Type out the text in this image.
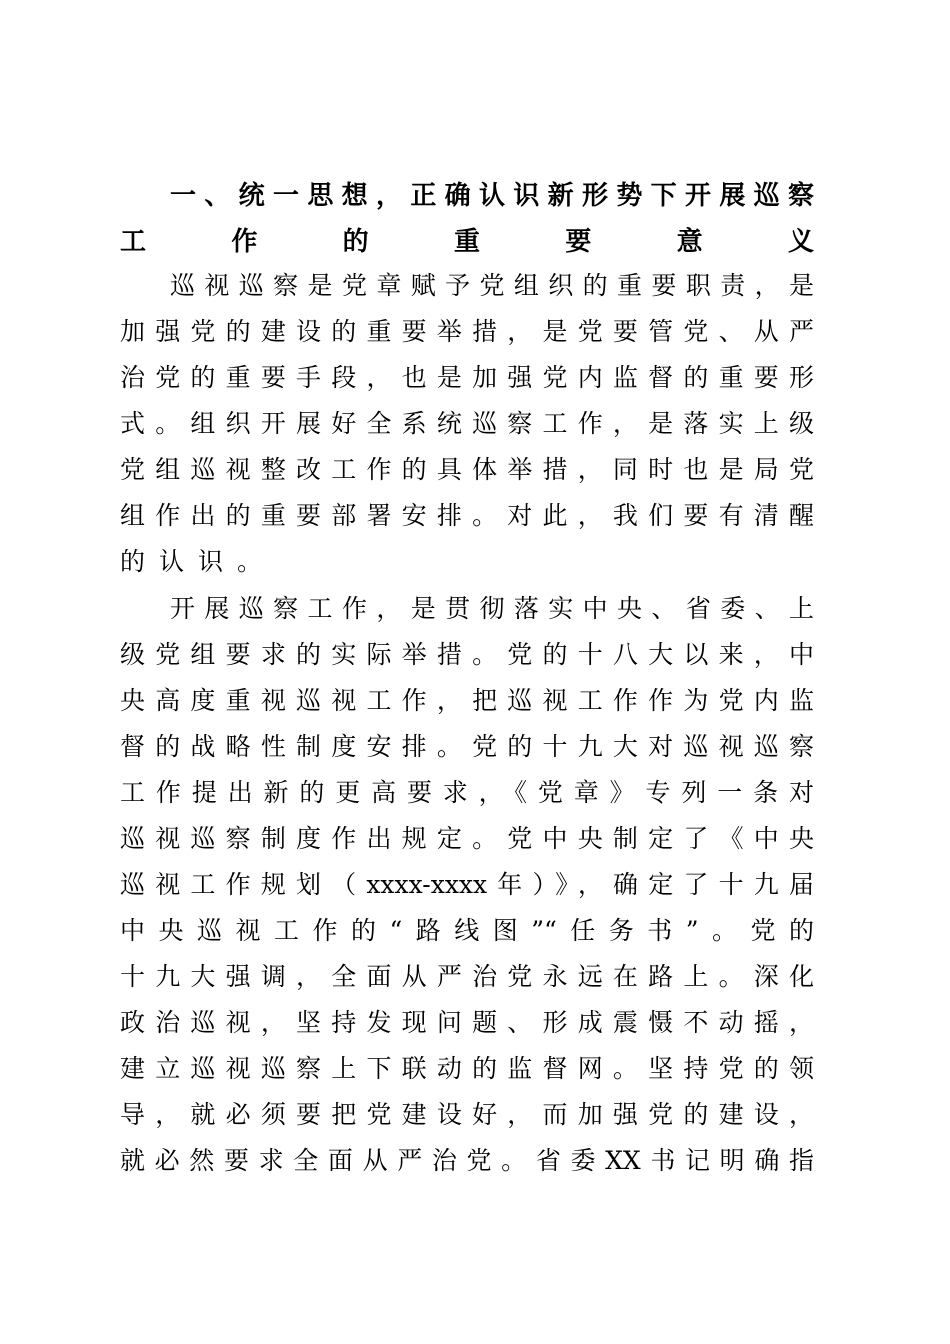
一、统一思想，正确认识新形势下开展巡察

工作的重要意义

巡视巡察是党章赋予党组织的重要职责，是

加强党的建设的重要举措，是党要管党、从严

治党的重要手段，也是加强党内监督的重要形

式。组织开展好全系统巡察工作，是落实上级

党组巡视整改工作的具体举措，同时也是局党

组作出的重要部署安排。对此，我们要有清醒

的认识。

开展巡察工作，是贯彻落实中央、省委、上

级党组要求的实际举措。党的十八大以来，中

央高度重视巡视工作，把巡视工作作为党内监

督的战略性制度安排。党的十九大对巡视巡察

工作提出新的更高要求，《党章》专列一条对

巡视巡察制度作出规定。党中央制定了《中央

巡视工作规划（xxxx-xxxx年）》，确定了十九届

中央巡视工作的“路线图”“任务书”。党的

十九大强调，全面从严治党永远在路上。深化

政治巡视，坚持发现问题、形成震慑不动摇，

建立巡视巡察上下联动的监督网。坚持党的领

导，就必须要把党建设好，而加强党的建设，

就必然要求全面从严治党。省委XX书记明确指
